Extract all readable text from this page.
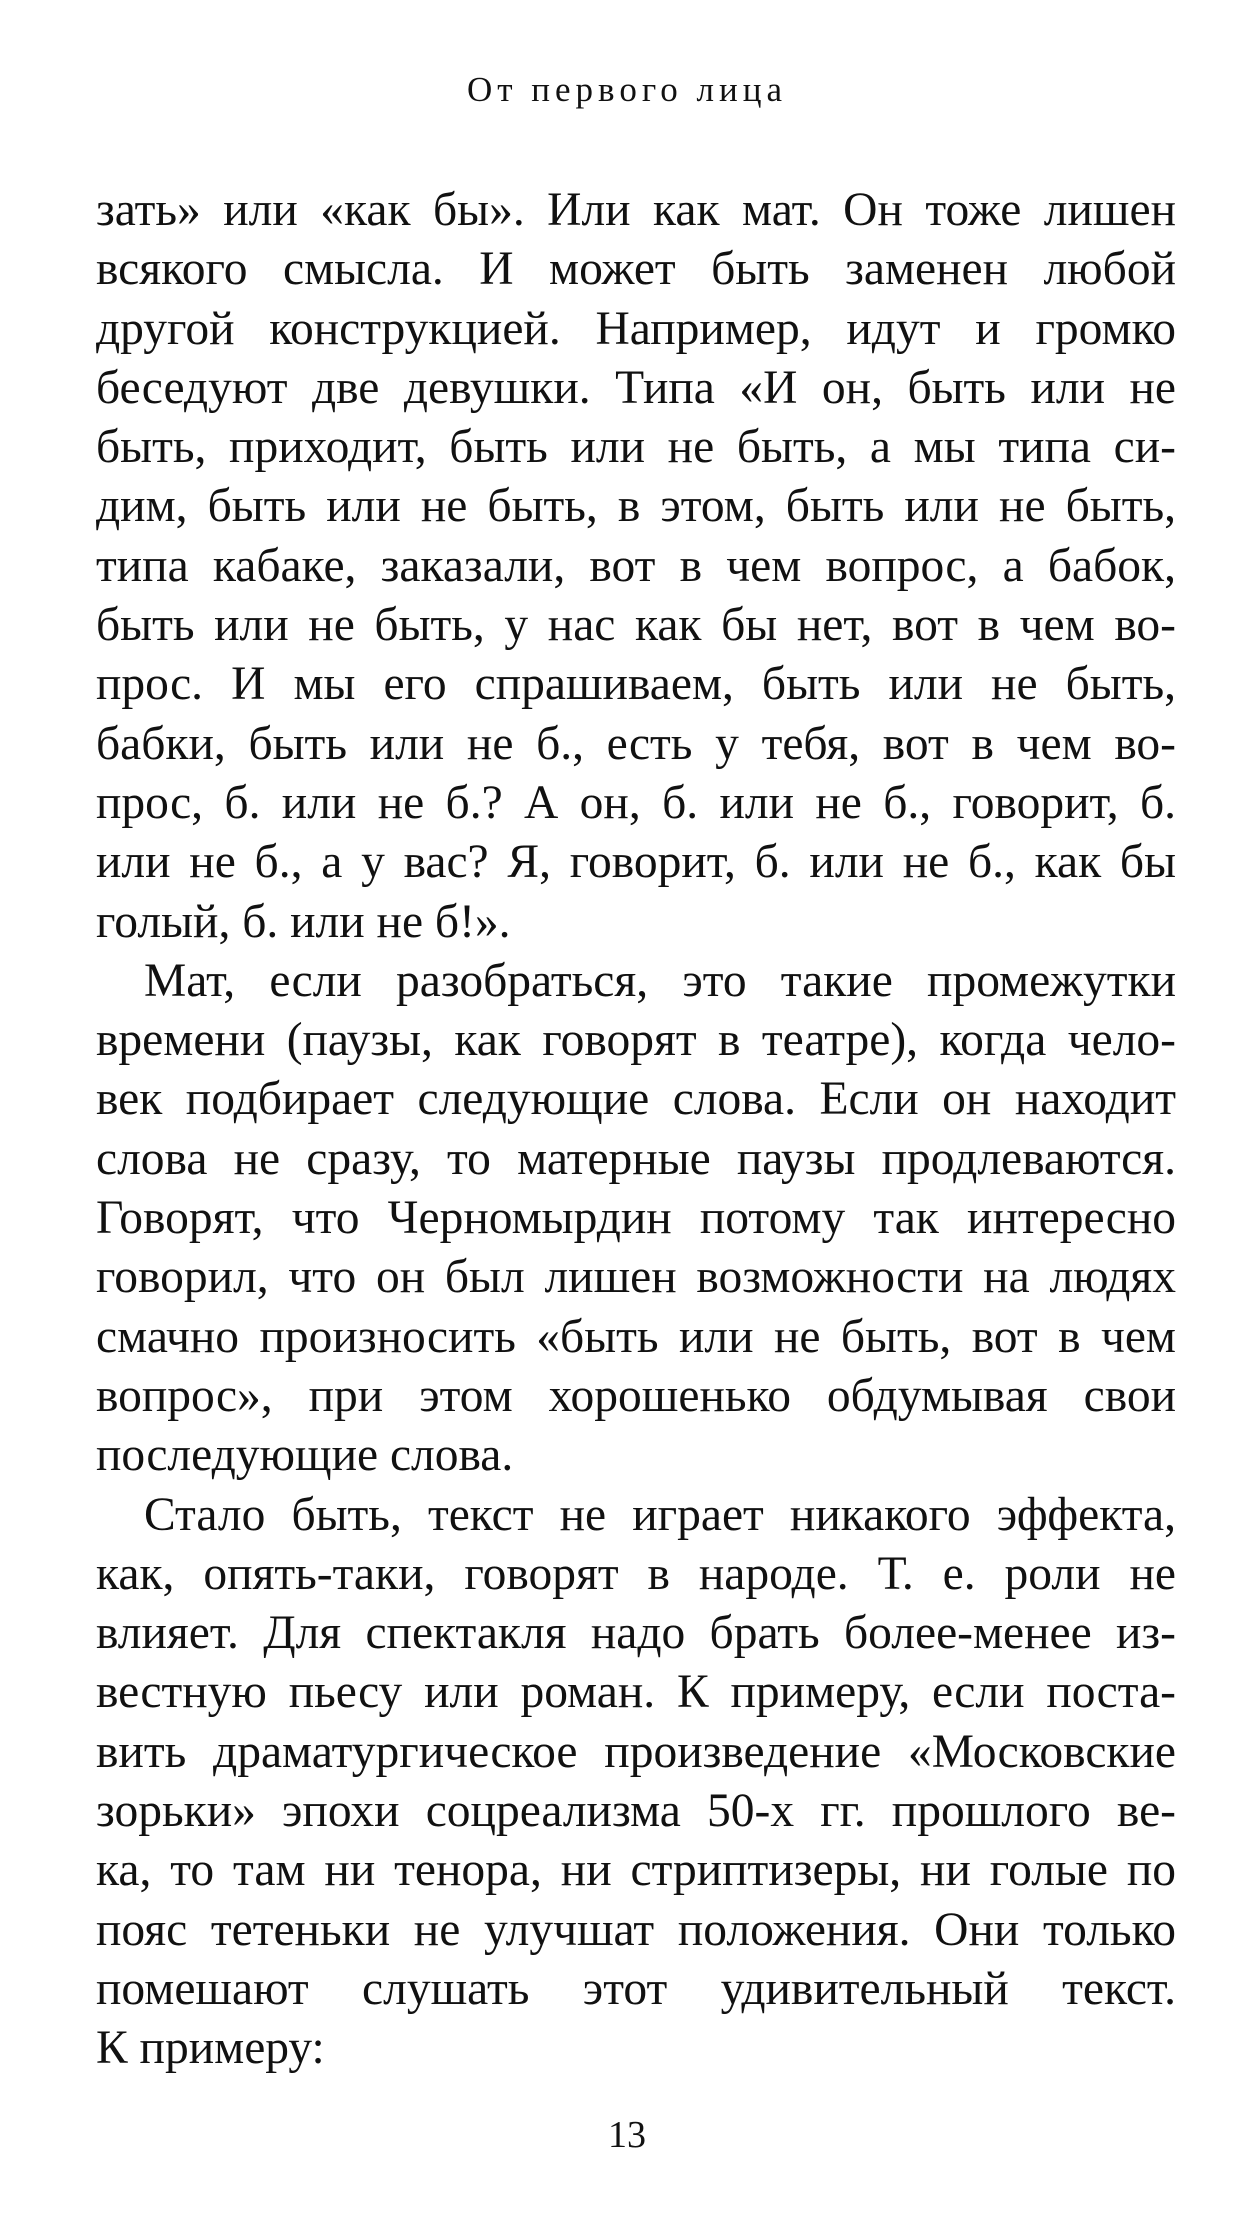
От первого лица
зать» или «как бы». Или как мат. Он тоже лишен
всякого смысла. И может быть заменен любой
другой конструкцией. Например, идут и громко
беседуют две девушки. Типа «И он, быть или не
быть, приходит, быть или не быть, а мы типа си-
дим, быть или не быть, в этом, быть или не быть,
типа кабаке, заказали, вот в чем вопрос, а бабок,
быть или не быть, у нас как бы нет, вот в чем во-
прос. И мы его спрашиваем, быть или не быть,
бабки, быть или не б., есть у тебя, вот в чем во-
прос, б. или не б.? А он, б. или не б., говорит, б.
или не б., а у вас? Я, говорит, б. или не б., как бы
голый, б. или не б!».
Мат, если разобраться, это такие промежутки
времени (паузы, как говорят в театре), когда чело-
век подбирает следующие слова. Если он находит
слова не сразу, то матерные паузы продлеваются.
Говорят, что Черномырдин потому так интересно
говорил, что он был лишен возможности на людях
смачно произносить «быть или не быть, вот в чем
вопрос», при этом хорошенько обдумывая свои
последующие слова.
Стало быть, текст не играет никакого эффекта,
как, опять-таки, говорят в народе. Т. е. роли не
влияет. Для спектакля надо брать более-менее из-
вестную пьесу или роман. К примеру, если поста-
вить драматургическое произведение «Московские
зорьки» эпохи соцреализма 50-х гг. прошлого ве-
ка, то там ни тенора, ни стриптизеры, ни голые по
пояс тетеньки не улучшат положения. Они только
помешают слушать этот удивительный текст.
К примеру:
13
